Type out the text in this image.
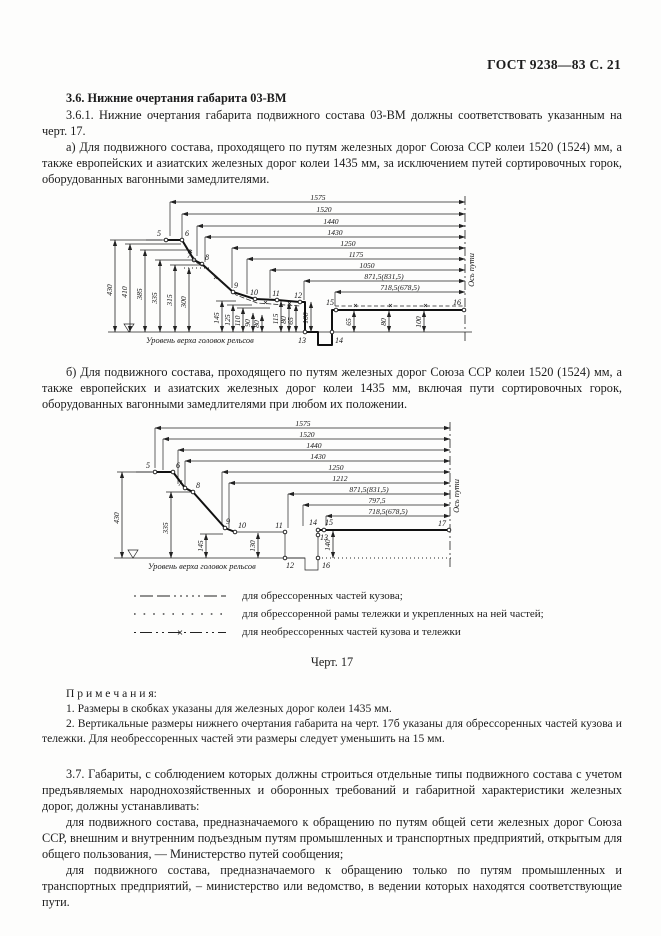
ГОСТ 9238—83 С. 21

3.6. Нижние очертания габарита 03-ВМ

3.6.1. Нижние очертания габарита подвижного состава 03-ВМ должны соответствовать указанным на черт. 17.

а) Для подвижного состава, проходящего по путям железных дорог Союза ССР колеи 1520 (1524) мм, а также европейских и азиатских железных дорог колеи 1435 мм, за исключением путей сортировочных горок, оборудованных вагонными замедлителями.

Ось пути
Уровень верха головок рельсов
1575
1520
1440
1430
1250
1175
1050
871,5(831,5)
718,5(678,5)
5	6
7 8
9
10 11 12
13	14
15	16
430 410 385 335 315 300
145 125 110 90 80 115 80
65 100	65	80	100

б) Для подвижного состава, проходящего по путям железных дорог Союза ССР колеи 1520 (1524) мм, а также европейских и азиатских железных дорог колеи 1435 мм, включая пути сортировочных горок, оборудованных вагонными замедлителями при любом их положении.

Ось пути
Уровень верха головок рельсов
1575
1520
1440
1430
1250
1212
871,5(831,5)
797,5
718,5(678,5)
5	6
7 8
9 10	11
12
13
14 15
16
17
430
335
145	130	140
для обрессоренных частей кузова;
для обрессоренной рамы тележки и укрепленных на ней частей;
для необрессоренных частей кузова и тележки

Черт. 17

П р и м е ч а н и я:

1. Размеры в скобках указаны для железных дорог колеи 1435 мм.

2. Вертикальные размеры нижнего очертания габарита на черт. 17б указаны для обрессоренных частей кузова и тележки. Для необрессоренных частей эти размеры следует уменьшить на 15 мм.

3.7. Габариты, с соблюдением которых должны строиться отдельные типы подвижного состава с учетом предъявляемых народнохозяйственных и оборонных требований и габаритной характеристики железных дорог, должны устанавливать:

для подвижного состава, предназначаемого к обращению по путям общей сети железных дорог Союза ССР, внешним и внутренним подъездным путям промышленных и транспортных предприятий, открытым для общего пользования, — Министерство путей сообщения;

для подвижного состава, предназначаемого к обращению только по путям промышленных и транспортных предприятий, – министерство или ведомство, в ведении которых находятся соответствующие пути.
